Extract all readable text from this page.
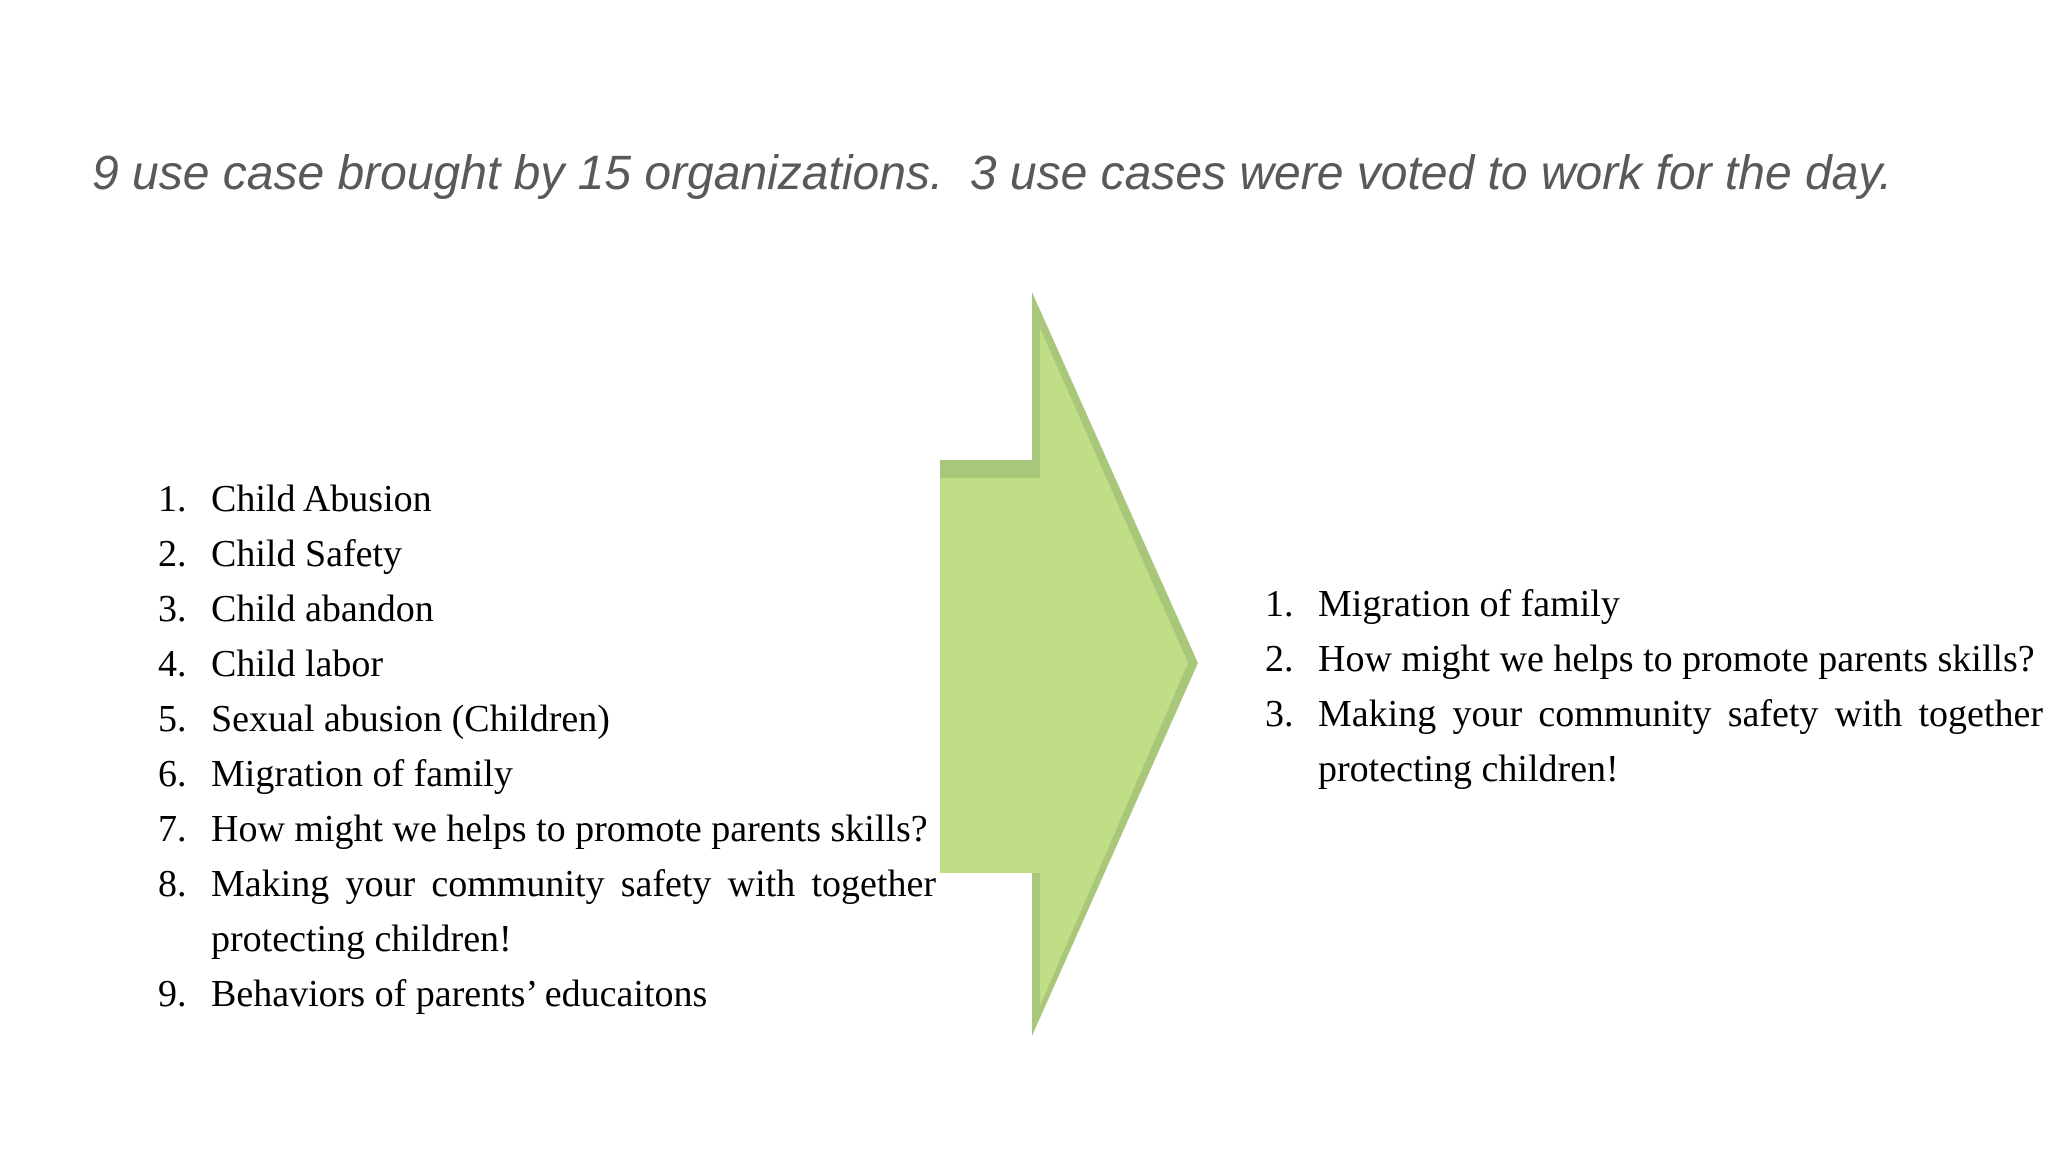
9 use case brought by 15 organizations.  3 use cases were voted to work for the day.
1. Child Abusion
2. Child Safety
3. Child abandon
4. Child labor
5. Sexual abusion (Children)
6. Migration of family
7. How might we helps to promote parents skills?
8. Making your community safety with together protecting children!
9. Behaviors of parents’ educaitons
1. Migration of family
2. How might we helps to promote parents skills?
3. Making your community safety with together protecting children!
